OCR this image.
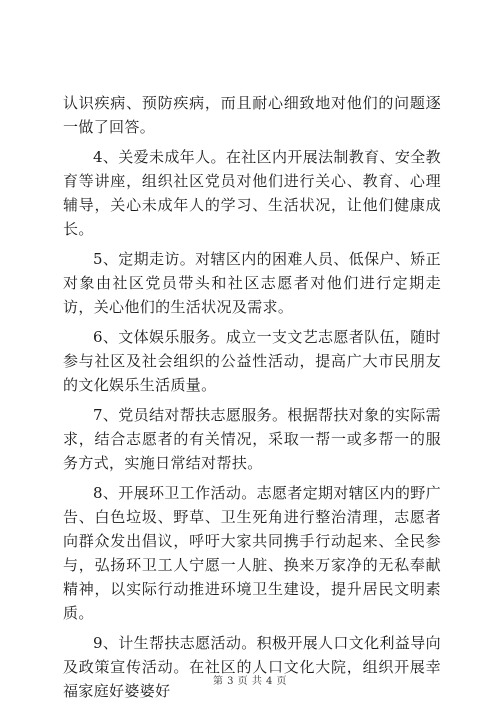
认识疾病、预防疾病，而且耐心细致地对他们的问题逐一做了回答。

4、关爱未成年人。在社区内开展法制教育、安全教育等讲座，组织社区党员对他们进行关心、教育、心理辅导，关心未成年人的学习、生活状况，让他们健康成长。

5、定期走访。对辖区内的困难人员、低保户、矫正对象由社区党员带头和社区志愿者对他们进行定期走访，关心他们的生活状况及需求。

6、文体娱乐服务。成立一支文艺志愿者队伍，随时参与社区及社会组织的公益性活动，提高广大市民朋友的文化娱乐生活质量。

7、党员结对帮扶志愿服务。根据帮扶对象的实际需求，结合志愿者的有关情况，采取一帮一或多帮一的服务方式，实施日常结对帮扶。

8、开展环卫工作活动。志愿者定期对辖区内的野广告、白色垃圾、野草、卫生死角进行整治清理，志愿者向群众发出倡议，呼吁大家共同携手行动起来、全民参与，弘扬环卫工人宁愿一人脏、换来万家净的无私奉献精神，以实际行动推进环境卫生建设，提升居民文明素质。

9、计生帮扶志愿活动。积极开展人口文化利益导向及政策宣传活动。在社区的人口文化大院，组织开展幸福家庭好婆婆好

第 3 页 共 4 页
